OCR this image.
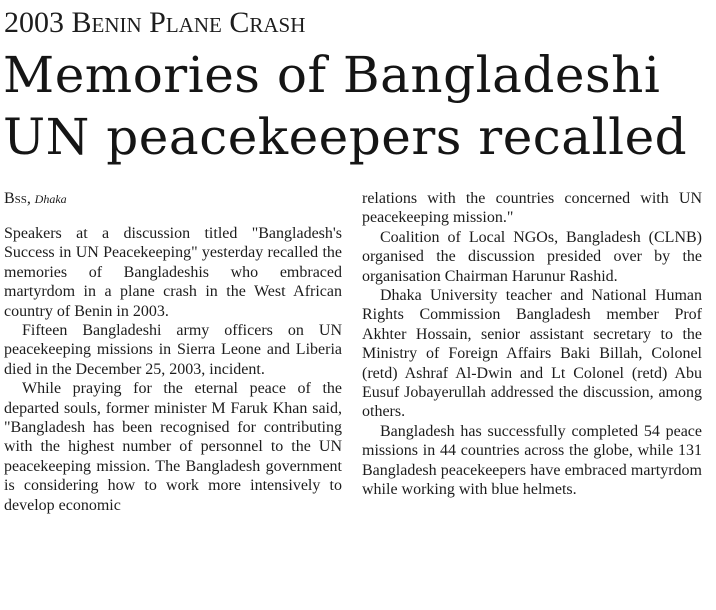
2003 Benin Plane Crash
Memories of Bangladeshi
UN peacekeepers recalled
Bss, Dhaka

Speakers at a discussion titled "Bangladesh's Success in UN Peacekeeping" yesterday recalled the memories of Bangladeshis who embraced martyrdom in a plane crash in the West African country of Benin in 2003.

Fifteen Bangladeshi army officers on UN peacekeeping missions in Sierra Leone and Liberia died in the December 25, 2003, incident.

While praying for the eternal peace of the departed souls, former minister M Faruk Khan said, "Bangladesh has been recognised for contributing with the highest number of personnel to the UN peacekeeping mission. The Bangladesh government is considering how to work more intensively to develop economic

relations with the countries concerned with UN peacekeeping mission."

Coalition of Local NGOs, Bangladesh (CLNB) organised the discussion presided over by the organisation Chairman Harunur Rashid.

Dhaka University teacher and National Human Rights Commission Bangladesh member Prof Akhter Hossain, senior assistant secretary to the Ministry of Foreign Affairs Baki Billah, Colonel (retd) Ashraf Al-Dwin and Lt Colonel (retd) Abu Eusuf Jobayerullah addressed the discussion, among others.

Bangladesh has successfully completed 54 peace missions in 44 countries across the globe, while 131 Bangladesh peacekeepers have embraced martyrdom while working with blue helmets.
